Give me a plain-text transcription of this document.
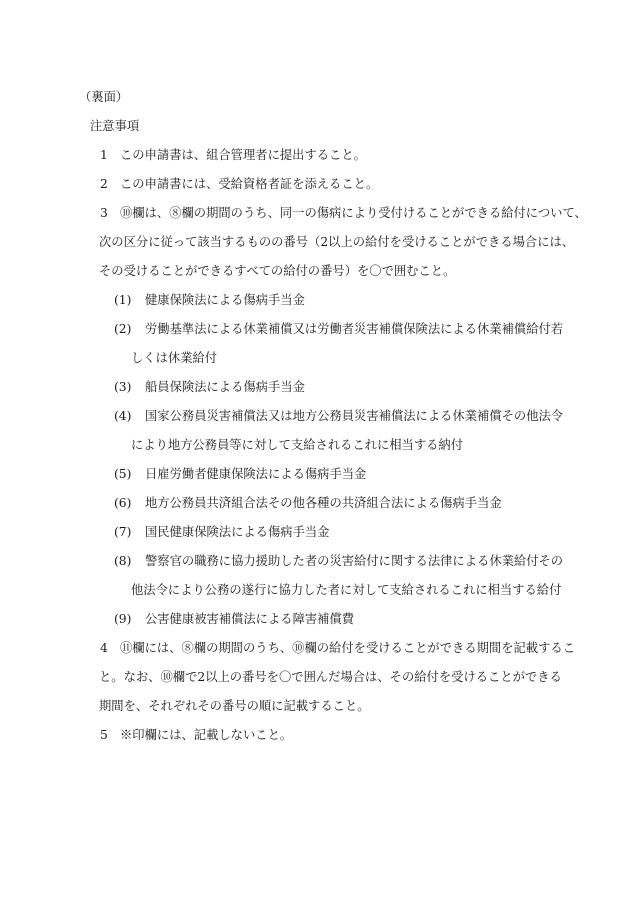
（裏面）
注意事項
1 この申請書は、組合管理者に提出すること。
2 この申請書には、受給資格者証を添えること。
3 ⑩欄は、⑧欄の期間のうち、同一の傷病により受付けることができる給付について、
次の区分に従って該当するものの番号（2以上の給付を受けることができる場合には、
その受けることができるすべての給付の番号）を〇で囲むこと。
(1) 健康保険法による傷病手当金
(2) 労働基準法による休業補償又は労働者災害補償保険法による休業補償給付若
しくは休業給付
(3) 船員保険法による傷病手当金
(4) 国家公務員災害補償法又は地方公務員災害補償法による休業補償その他法令
により地方公務員等に対して支給されるこれに相当する納付
(5) 日雇労働者健康保険法による傷病手当金
(6) 地方公務員共済組合法その他各種の共済組合法による傷病手当金
(7) 国民健康保険法による傷病手当金
(8) 警察官の職務に協力援助した者の災害給付に関する法律による休業給付その
他法令により公務の遂行に協力した者に対して支給されるこれに相当する給付
(9) 公害健康被害補償法による障害補償費
4 ⑪欄には、⑧欄の期間のうち、⑩欄の給付を受けることができる期間を記載するこ
と。なお、⑩欄で2以上の番号を〇で囲んだ場合は、その給付を受けることができる
期間を、それぞれその番号の順に記載すること。
5 ※印欄には、記載しないこと。
